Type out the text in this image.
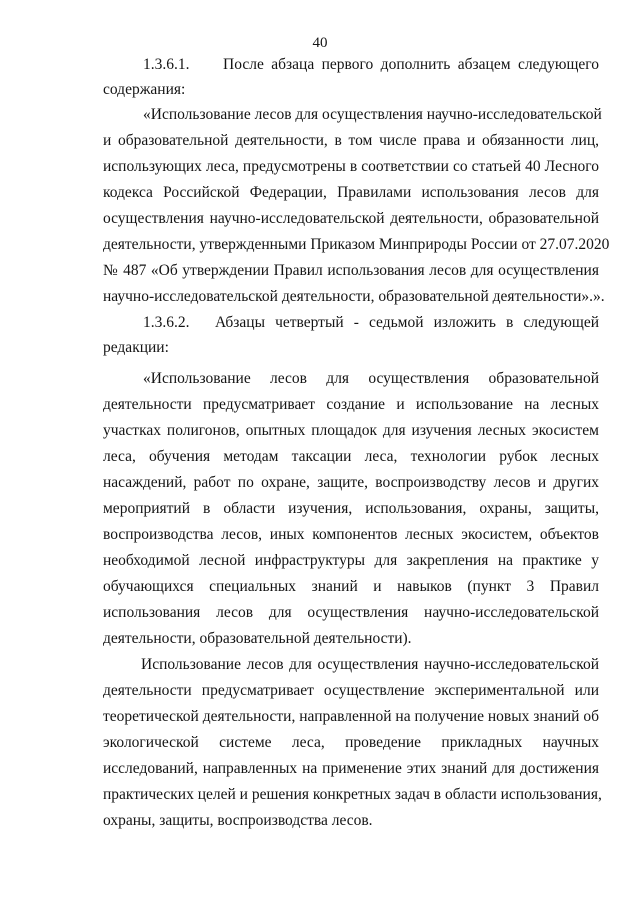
40
1.3.6.1. После абзаца первого дополнить абзацем следующего
содержания:
«Использование лесов для осуществления научно-исследовательской
и образовательной деятельности, в том числе права и обязанности лиц,
использующих леса, предусмотрены в соответствии со статьей 40 Лесного
кодекса Российской Федерации, Правилами использования лесов для
осуществления научно-исследовательской деятельности, образовательной
деятельности, утвержденными Приказом Минприроды России от 27.07.2020
№ 487 «Об утверждении Правил использования лесов для осуществления
научно-исследовательской деятельности, образовательной деятельности».».
1.3.6.2. Абзацы четвертый - седьмой изложить в следующей
редакции:
«Использование лесов для осуществления образовательной
деятельности предусматривает создание и использование на лесных
участках полигонов, опытных площадок для изучения лесных экосистем
леса, обучения методам таксации леса, технологии рубок лесных
насаждений, работ по охране, защите, воспроизводству лесов и других
мероприятий в области изучения, использования, охраны, защиты,
воспроизводства лесов, иных компонентов лесных экосистем, объектов
необходимой лесной инфраструктуры для закрепления на практике у
обучающихся специальных знаний и навыков (пункт 3 Правил
использования лесов для осуществления научно-исследовательской
деятельности, образовательной деятельности).
Использование лесов для осуществления научно-исследовательской
деятельности предусматривает осуществление экспериментальной или
теоретической деятельности, направленной на получение новых знаний об
экологической системе леса, проведение прикладных научных
исследований, направленных на применение этих знаний для достижения
практических целей и решения конкретных задач в области использования,
охраны, защиты, воспроизводства лесов.
